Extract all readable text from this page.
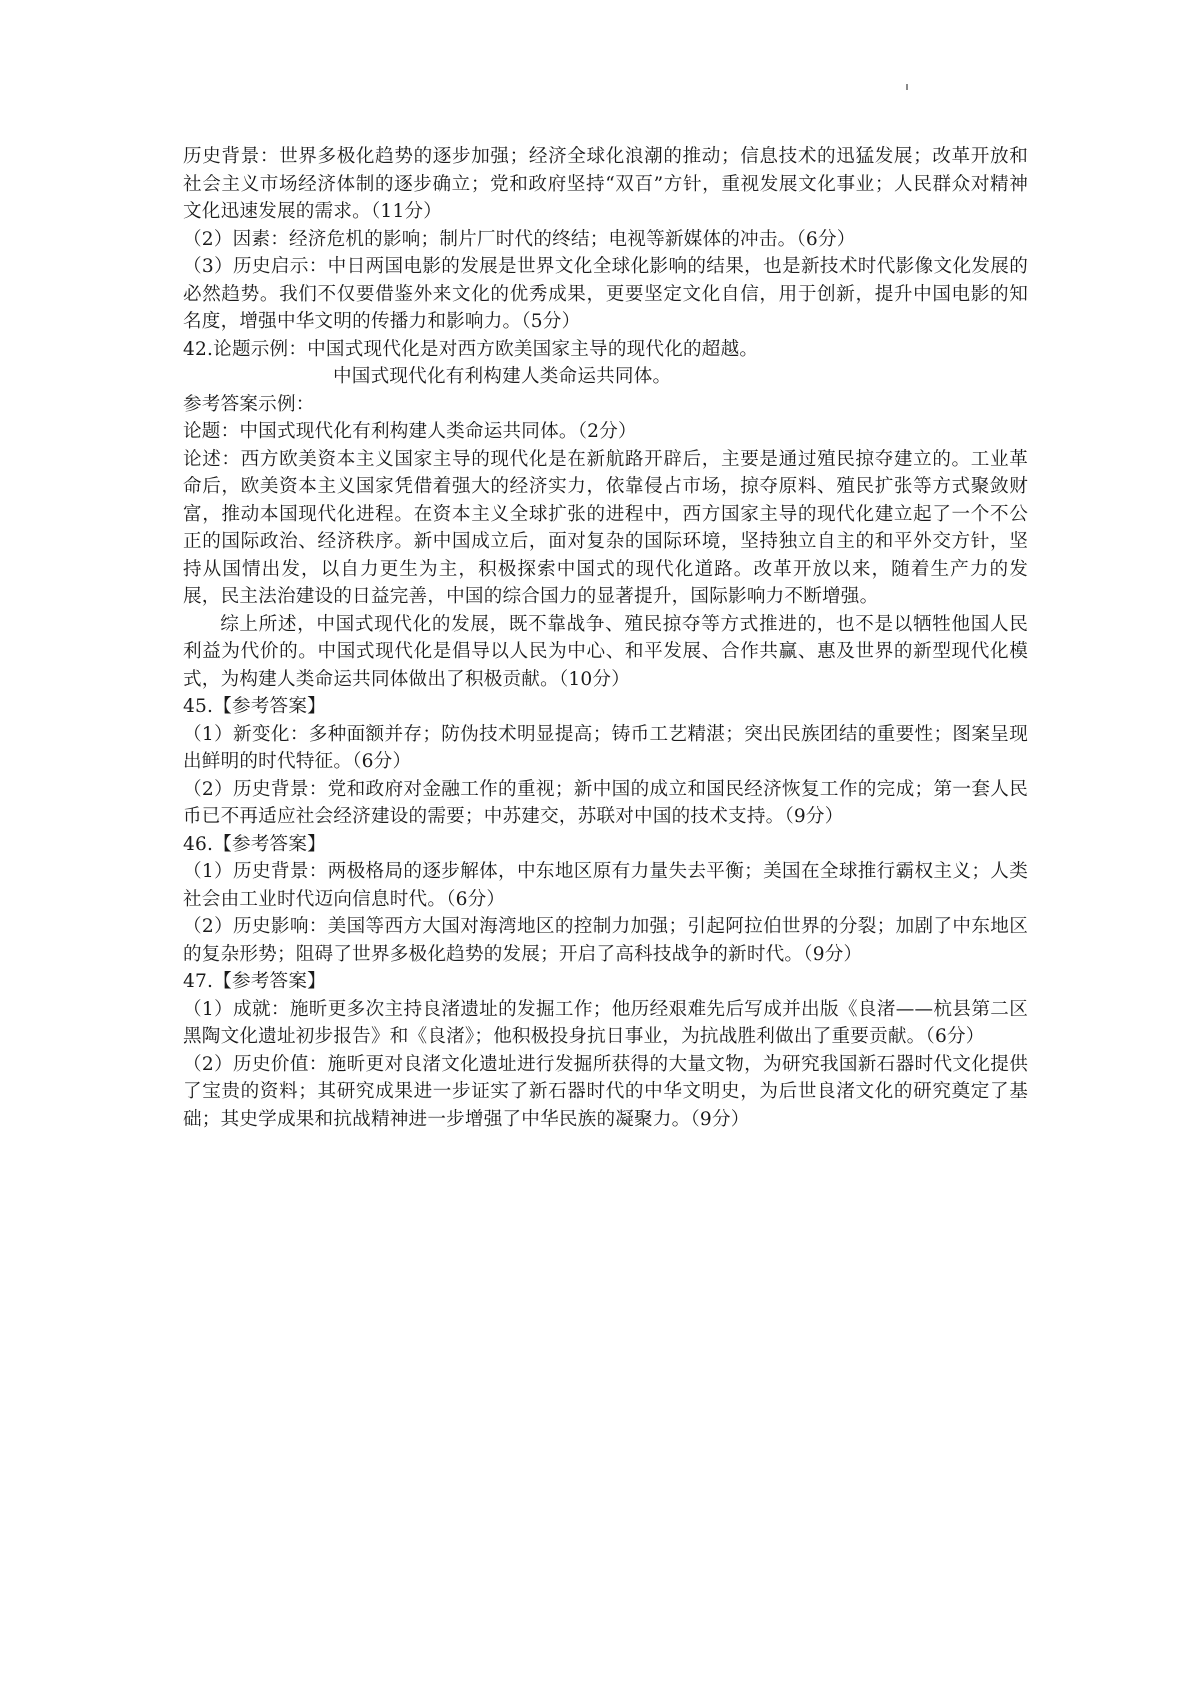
历史背景：世界多极化趋势的逐步加强；经济全球化浪潮的推动；信息技术的迅猛发展；改革开放和社会主义市场经济体制的逐步确立；党和政府坚持“双百”方针，重视发展文化事业；人民群众对精神文化迅速发展的需求。（11分）

（2）因素：经济危机的影响；制片厂时代的终结；电视等新媒体的冲击。（6分）

（3）历史启示：中日两国电影的发展是世界文化全球化影响的结果，也是新技术时代影像文化发展的必然趋势。我们不仅要借鉴外来文化的优秀成果，更要坚定文化自信，用于创新，提升中国电影的知名度，增强中华文明的传播力和影响力。（5分）

42.论题示例：中国式现代化是对西方欧美国家主导的现代化的超越。

中国式现代化有利构建人类命运共同体。

参考答案示例：

论题：中国式现代化有利构建人类命运共同体。（2分）

论述：西方欧美资本主义国家主导的现代化是在新航路开辟后，主要是通过殖民掠夺建立的。工业革命后，欧美资本主义国家凭借着强大的经济实力，依靠侵占市场，掠夺原料、殖民扩张等方式聚敛财富，推动本国现代化进程。在资本主义全球扩张的进程中，西方国家主导的现代化建立起了一个不公正的国际政治、经济秩序。新中国成立后，面对复杂的国际环境，坚持独立自主的和平外交方针，坚持从国情出发，以自力更生为主，积极探索中国式的现代化道路。改革开放以来，随着生产力的发展，民主法治建设的日益完善，中国的综合国力的显著提升，国际影响力不断增强。

综上所述，中国式现代化的发展，既不靠战争、殖民掠夺等方式推进的，也不是以牺牲他国人民利益为代价的。中国式现代化是倡导以人民为中心、和平发展、合作共赢、惠及世界的新型现代化模式，为构建人类命运共同体做出了积极贡献。（10分）

45.【参考答案】

（1）新变化：多种面额并存；防伪技术明显提高；铸币工艺精湛；突出民族团结的重要性；图案呈现出鲜明的时代特征。（6分）

（2）历史背景：党和政府对金融工作的重视；新中国的成立和国民经济恢复工作的完成；第一套人民币已不再适应社会经济建设的需要；中苏建交，苏联对中国的技术支持。（9分）

46.【参考答案】

（1）历史背景：两极格局的逐步解体，中东地区原有力量失去平衡；美国在全球推行霸权主义；人类社会由工业时代迈向信息时代。（6分）

（2）历史影响：美国等西方大国对海湾地区的控制力加强；引起阿拉伯世界的分裂；加剧了中东地区的复杂形势；阻碍了世界多极化趋势的发展；开启了高科技战争的新时代。（9分）

47.【参考答案】

（1）成就：施昕更多次主持良渚遗址的发掘工作；他历经艰难先后写成并出版《良渚——杭县第二区黑陶文化遗址初步报告》和《良渚》；他积极投身抗日事业，为抗战胜利做出了重要贡献。（6分）

（2）历史价值：施昕更对良渚文化遗址进行发掘所获得的大量文物，为研究我国新石器时代文化提供了宝贵的资料；其研究成果进一步证实了新石器时代的中华文明史，为后世良渚文化的研究奠定了基础；其史学成果和抗战精神进一步增强了中华民族的凝聚力。（9分）
